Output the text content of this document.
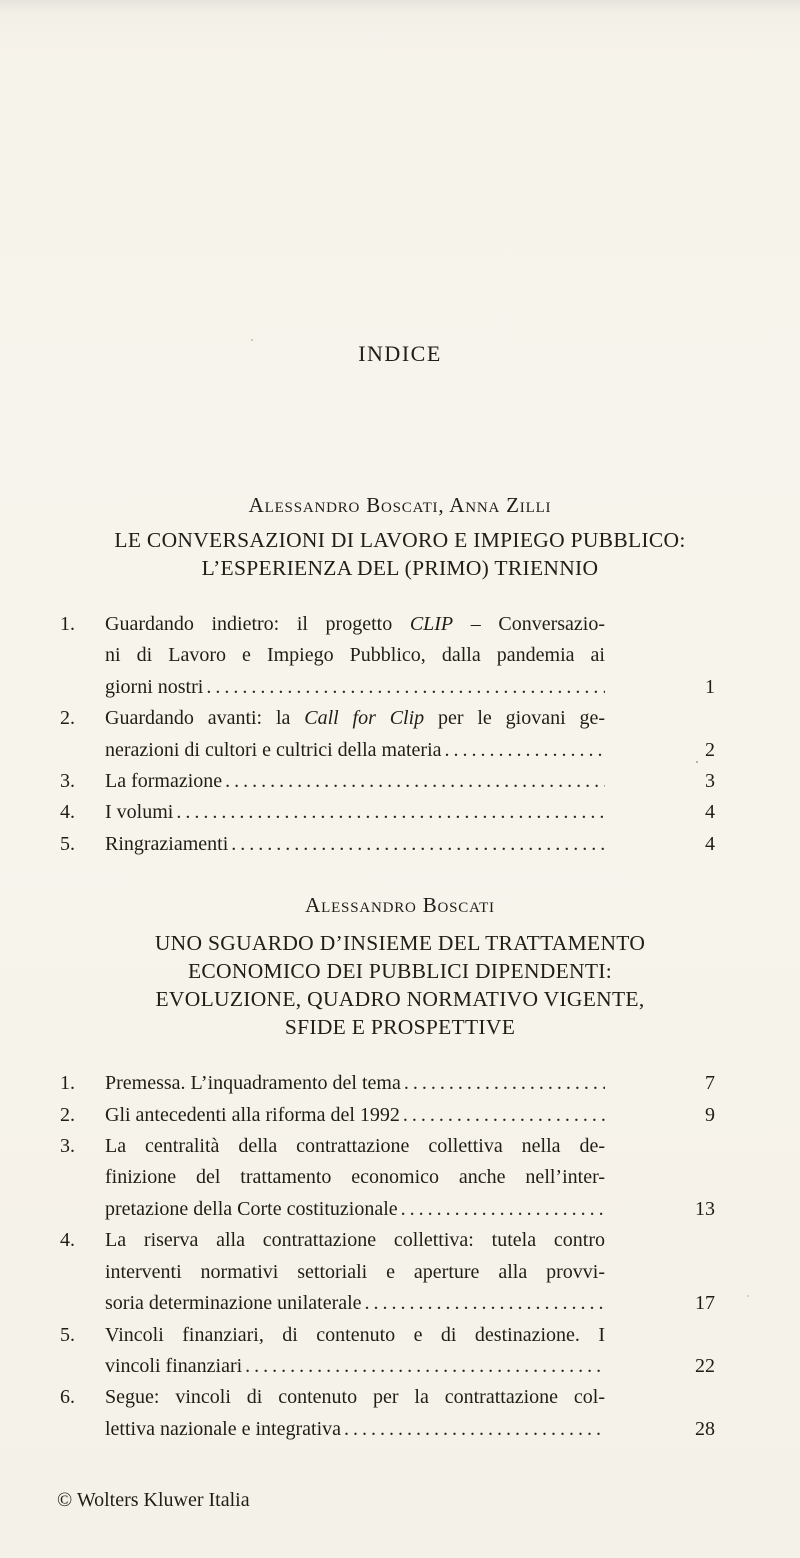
INDICE
Alessandro Boscati, Anna Zilli
LE CONVERSAZIONI DI LAVORO E IMPIEGO PUBBLICO:
L’ESPERIENZA DEL (PRIMO) TRIENNIO
1.	Guardando indietro: il progetto CLIP – Conversazio-
ni di Lavoro e Impiego Pubblico, dalla pandemia ai
giorni nostri .....	1
2.	Guardando avanti: la Call for Clip per le giovani ge-
nerazioni di cultori e cultrici della materia .....	2
3.	La formazione .....	3
4.	I volumi .....	4
5.	Ringraziamenti .....	4
Alessandro Boscati
UNO SGUARDO D’INSIEME DEL TRATTAMENTO
ECONOMICO DEI PUBBLICI DIPENDENTI:
EVOLUZIONE, QUADRO NORMATIVO VIGENTE,
SFIDE E PROSPETTIVE
1.	Premessa. L’inquadramento del tema .....	7
2.	Gli antecedenti alla riforma del 1992 .....	9
3.	La centralità della contrattazione collettiva nella de-
finizione del trattamento economico anche nell’inter-
pretazione della Corte costituzionale .....	13
4.	La riserva alla contrattazione collettiva: tutela contro
interventi normativi settoriali e aperture alla provvi-
soria determinazione unilaterale .....	17
5.	Vincoli finanziari, di contenuto e di destinazione. I
vincoli finanziari .....	22
6.	Segue: vincoli di contenuto per la contrattazione col-
lettiva nazionale e integrativa .....	28
© Wolters Kluwer Italia
